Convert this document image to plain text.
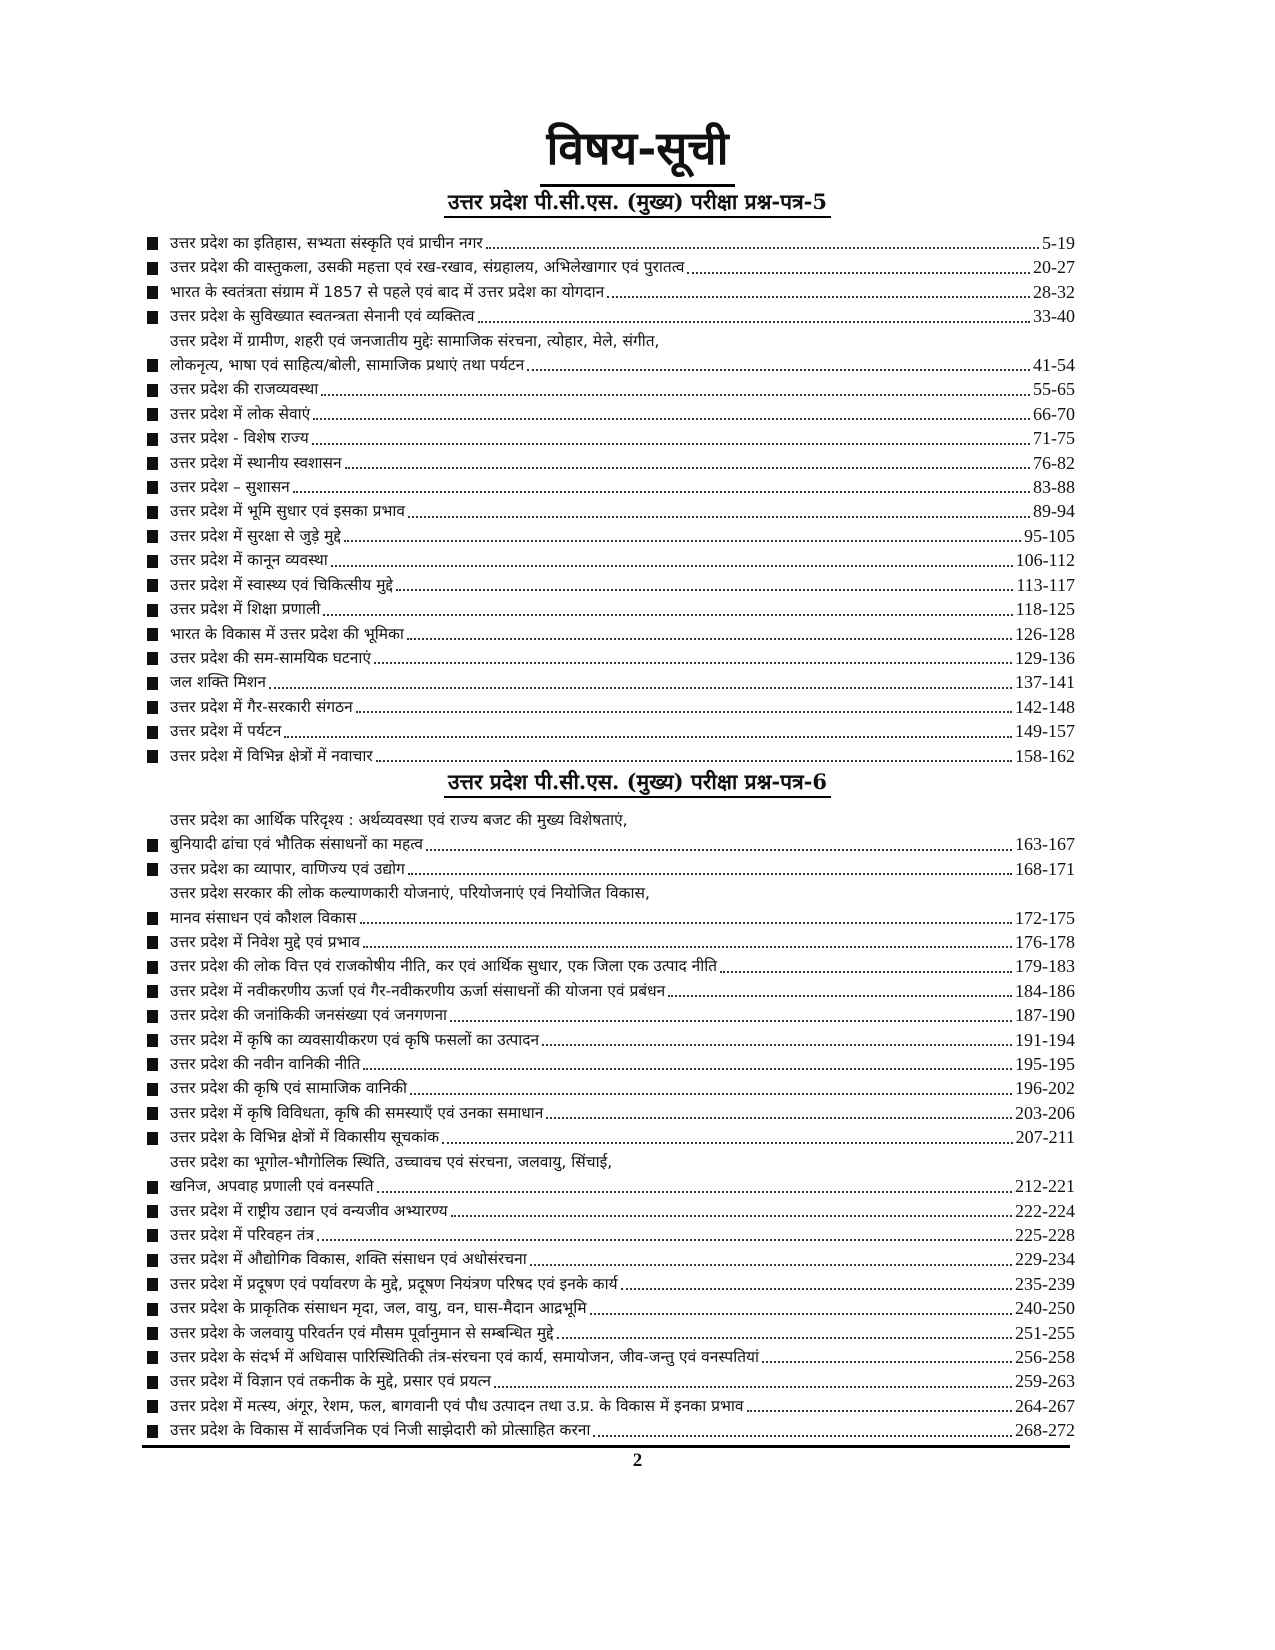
विषय-सूची
उत्तर प्रदेश पी.सी.एस. (मुख्य) परीक्षा प्रश्न-पत्र-5
उत्तर प्रदेश का इतिहास, सभ्यता संस्कृति एवं प्राचीन नगर	5-19
उत्तर प्रदेश की वास्तुकला, उसकी महत्ता एवं रख-रखाव, संग्रहालय, अभिलेखागार एवं पुरातत्व	20-27
भारत के स्वतंत्रता संग्राम में 1857 से पहले एवं बाद में उत्तर प्रदेश का योगदान	28-32
उत्तर प्रदेश के सुविख्यात स्वतन्त्रता सेनानी एवं व्यक्तित्व	33-40
उत्तर प्रदेश में ग्रामीण, शहरी एवं जनजातीय मुद्देः सामाजिक संरचना, त्योहार, मेले, संगीत,
लोकनृत्य, भाषा एवं साहित्य/बोली, सामाजिक प्रथाएं तथा पर्यटन	41-54
उत्तर प्रदेश की राजव्यवस्था	55-65
उत्तर प्रदेश में लोक सेवाएं	66-70
उत्तर प्रदेश - विशेष राज्य	71-75
उत्तर प्रदेश में स्थानीय स्वशासन	76-82
उत्तर प्रदेश – सुशासन	83-88
उत्तर प्रदेश में भूमि सुधार एवं इसका प्रभाव	89-94
उत्तर प्रदेश में सुरक्षा से जुड़े मुद्दे	95-105
उत्तर प्रदेश में कानून व्यवस्था	106-112
उत्तर प्रदेश में स्वास्थ्य एवं चिकित्सीय मुद्दे	113-117
उत्तर प्रदेश में शिक्षा प्रणाली	118-125
भारत के विकास में उत्तर प्रदेश की भूमिका	126-128
उत्तर प्रदेश की सम-सामयिक घटनाएं	129-136
जल शक्ति मिशन	137-141
उत्तर प्रदेश में गैर-सरकारी संगठन	142-148
उत्तर प्रदेश में पर्यटन	149-157
उत्तर प्रदेश में विभिन्न क्षेत्रों में नवाचार	158-162
उत्तर प्रदेश पी.सी.एस. (मुख्य) परीक्षा प्रश्न-पत्र-6
उत्तर प्रदेश का आर्थिक परिदृश्य : अर्थव्यवस्था एवं राज्य बजट की मुख्य विशेषताएं,
बुनियादी ढांचा एवं भौतिक संसाधनों का महत्व	163-167
उत्तर प्रदेश का व्यापार, वाणिज्य एवं उद्योग	168-171
उत्तर प्रदेश सरकार की लोक कल्याणकारी योजनाएं, परियोजनाएं एवं नियोजित विकास,
मानव संसाधन एवं कौशल विकास	172-175
उत्तर प्रदेश में निवेश मुद्दे एवं प्रभाव	176-178
उत्तर प्रदेश की लोक वित्त एवं राजकोषीय नीति, कर एवं आर्थिक सुधार, एक जिला एक उत्पाद नीति	179-183
उत्तर प्रदेश में नवीकरणीय ऊर्जा एवं गैर-नवीकरणीय ऊर्जा संसाधनों की योजना एवं प्रबंधन	184-186
उत्तर प्रदेश की जनांकिकी जनसंख्या एवं जनगणना	187-190
उत्तर प्रदेश में कृषि का व्यवसायीकरण एवं कृषि फसलों का उत्पादन	191-194
उत्तर प्रदेश की नवीन वानिकी नीति	195-195
उत्तर प्रदेश की कृषि एवं सामाजिक वानिकी	196-202
उत्तर प्रदेश में कृषि विविधता, कृषि की समस्याएँ एवं उनका समाधान	203-206
उत्तर प्रदेश के विभिन्न क्षेत्रों में विकासीय सूचकांक	207-211
उत्तर प्रदेश का भूगोल-भौगोलिक स्थिति, उच्चावच एवं संरचना, जलवायु, सिंचाई,
खनिज, अपवाह प्रणाली एवं वनस्पति	212-221
उत्तर प्रदेश में राष्ट्रीय उद्यान एवं वन्यजीव अभ्यारण्य	222-224
उत्तर प्रदेश में परिवहन तंत्र	225-228
उत्तर प्रदेश में औद्योगिक विकास, शक्ति संसाधन एवं अधोसंरचना	229-234
उत्तर प्रदेश में प्रदूषण एवं पर्यावरण के मुद्दे, प्रदूषण नियंत्रण परिषद एवं इनके कार्य	235-239
उत्तर प्रदेश के प्राकृतिक संसाधन मृदा, जल, वायु, वन, घास-मैदान आद्रभूमि	240-250
उत्तर प्रदेश के जलवायु परिवर्तन एवं मौसम पूर्वानुमान से सम्बन्धित मुद्दे	251-255
उत्तर प्रदेश के संदर्भ में अधिवास पारिस्थितिकी तंत्र-संरचना एवं कार्य, समायोजन, जीव-जन्तु एवं वनस्पतियां	256-258
उत्तर प्रदेश में विज्ञान एवं तकनीक के मुद्दे, प्रसार एवं प्रयत्न	259-263
उत्तर प्रदेश में मत्स्य, अंगूर, रेशम, फल, बागवानी एवं पौध उत्पादन तथा उ.प्र. के विकास में इनका प्रभाव	264-267
उत्तर प्रदेश के विकास में सार्वजनिक एवं निजी साझेदारी को प्रोत्साहित करना	268-272
2
